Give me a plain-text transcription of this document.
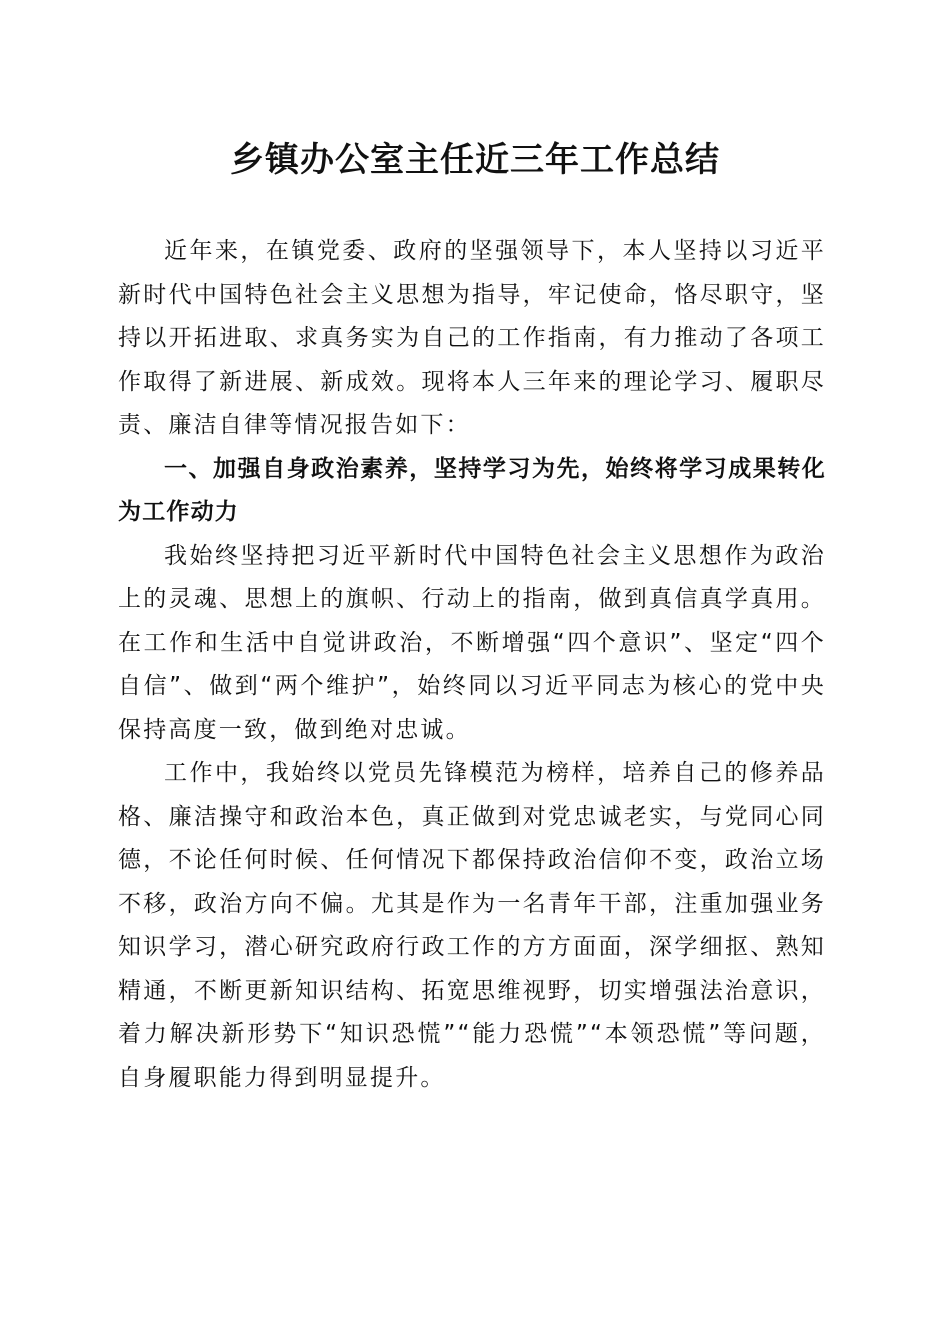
乡镇办公室主任近三年工作总结

近年来，在镇党委、政府的坚强领导下，本人坚持以习近平新时代中国特色社会主义思想为指导，牢记使命，恪尽职守，坚持以开拓进取、求真务实为自己的工作指南，有力推动了各项工作取得了新进展、新成效。现将本人三年来的理论学习、履职尽责、廉洁自律等情况报告如下：

一、加强自身政治素养，坚持学习为先，始终将学习成果转化为工作动力

我始终坚持把习近平新时代中国特色社会主义思想作为政治上的灵魂、思想上的旗帜、行动上的指南，做到真信真学真用。在工作和生活中自觉讲政治，不断增强“四个意识”、坚定“四个自信”、做到“两个维护”，始终同以习近平同志为核心的党中央保持高度一致，做到绝对忠诚。

工作中，我始终以党员先锋模范为榜样，培养自己的修养品格、廉洁操守和政治本色，真正做到对党忠诚老实，与党同心同德，不论任何时候、任何情况下都保持政治信仰不变，政治立场不移，政治方向不偏。尤其是作为一名青年干部，注重加强业务知识学习，潜心研究政府行政工作的方方面面，深学细抠、熟知精通，不断更新知识结构、拓宽思维视野，切实增强法治意识，着力解决新形势下“知识恐慌”“能力恐慌”“本领恐慌”等问题，自身履职能力得到明显提升。
